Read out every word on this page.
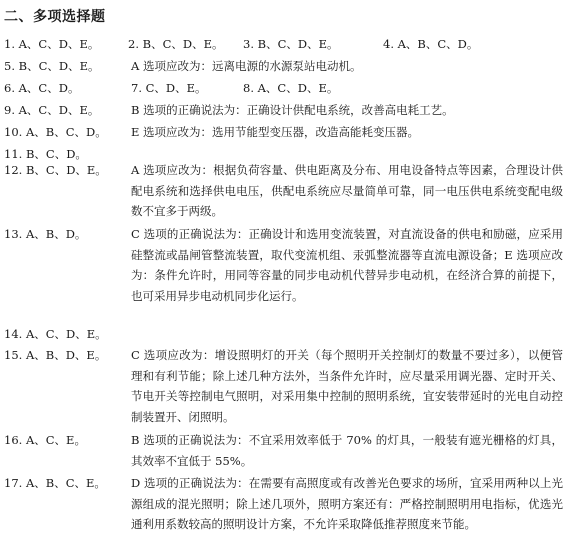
二、多项选择题
1. A、C、D、E。 2. B、C、D、E。 3. B、C、D、E。	4. A、B、C、D。
5. B、C、D、E。	A 选项应改为：远离电源的水源泵站电动机。
6. A、C、D。	7. C、D、E。	8. A、C、D、E。
9. A、C、D、E。	B 选项的正确说法为：正确设计供配电系统，改善高电耗工艺。
10. A、B、C、D。 E 选项应改为：选用节能型变压器，改造高能耗变压器。
11. B、C、D。
12. B、C、D、E。 A 选项应改为：根据负荷容量、供电距离及分布、用电设备特点等因素，合理设计供配电系统和选择供电电压，供配电系统应尽量简单可靠，同一电压供电系统变配电级数不宜多于两级。
13. A、B、D。	C 选项的正确说法为：正确设计和选用变流装置，对直流设备的供电和励磁，应采用硅整流或晶闸管整流装置，取代变流机组、汞弧整流器等直流电源设备；E 选项应改为：条件允许时，用同等容量的同步电动机代替异步电动机，在经济合算的前提下，也可采用异步电动机同步化运行。
14. A、C、D、E。
15. A、B、D、E。 C 选项应改为：增设照明灯的开关（每个照明开关控制灯的数量不要过多），以便管理和有利节能；除上述几种方法外，当条件允许时，应尽量采用调光器、定时开关、节电开关等控制电气照明，对采用集中控制的照明系统，宜安装带延时的光电自动控制装置开、闭照明。
16. A、C、E。	B 选项的正确说法为：不宜采用效率低于 70% 的灯具，一般装有遮光栅格的灯具，其效率不宜低于 55%。
17. A、B、C、E。 D 选项的正确说法为：在需要有高照度或有改善光色要求的场所，宜采用两种以上光源组成的混光照明；除上述几项外，照明方案还有：严格控制照明用电指标，优选光通利用系数较高的照明设计方案，不允许采取降低推荐照度来节能。
